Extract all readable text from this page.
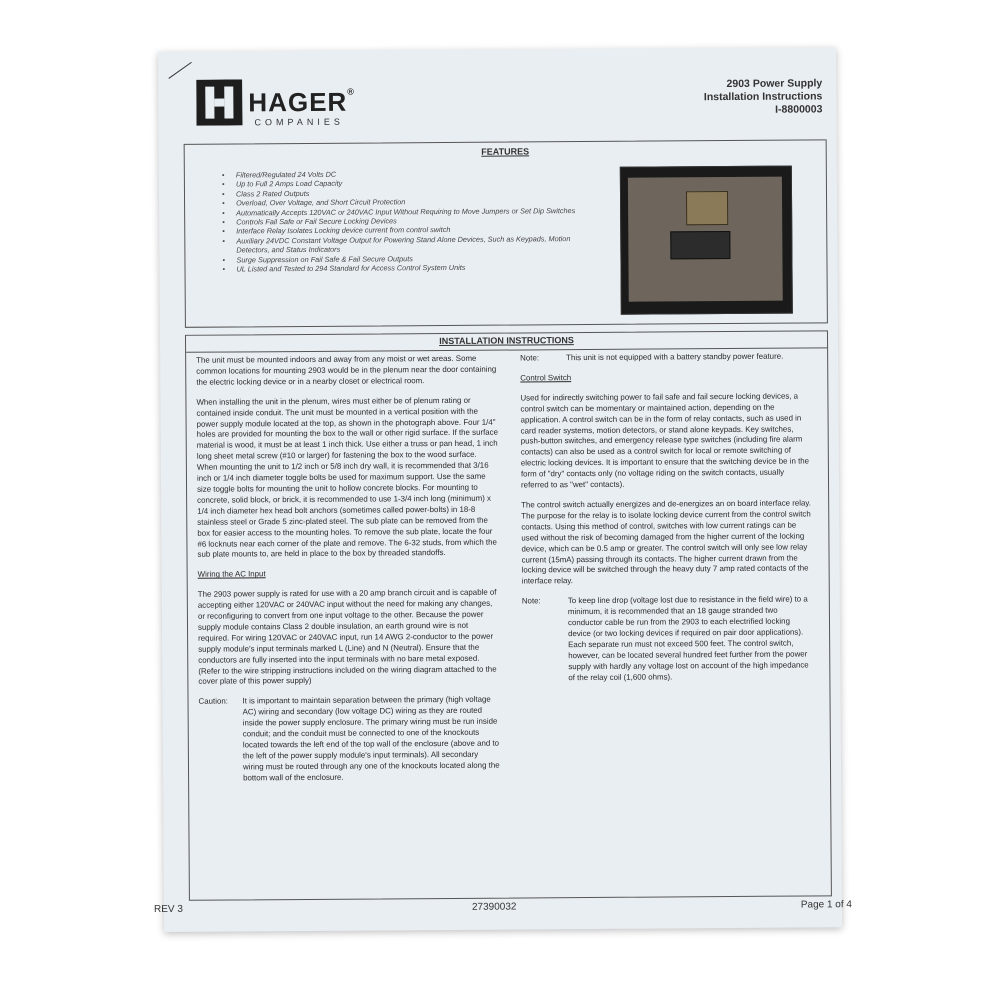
HAGER®
COMPANIES
2903 Power Supply
Installation Instructions
I-8800003
FEATURES
• Filtered/Regulated 24 Volts DC
• Up to Full 2 Amps Load Capacity
• Class 2 Rated Outputs
• Overload, Over Voltage, and Short Circuit Protection
• Automatically Accepts 120VAC or 240VAC Input Without Requiring to Move Jumpers or Set Dip Switches
• Controls Fail Safe or Fail Secure Locking Devices
• Interface Relay Isolates Locking device current from control switch
• Auxiliary 24VDC Constant Voltage Output for Powering Stand Alone Devices, Such as Keypads, Motion Detectors, and Status Indicators
• Surge Suppression on Fail Safe & Fail Secure Outputs
• UL Listed and Tested to 294 Standard for Access Control System Units
INSTALLATION INSTRUCTIONS

The unit must be mounted indoors and away from any moist or wet areas. Some common locations for mounting 2903 would be in the plenum near the door containing the electric locking device or in a nearby closet or electrical room.

When installing the unit in the plenum, wires must either be of plenum rating or contained inside conduit. The unit must be mounted in a vertical position with the power supply module located at the top, as shown in the photograph above. Four 1/4" holes are provided for mounting the box to the wall or other rigid surface. If the surface material is wood, it must be at least 1 inch thick. Use either a truss or pan head, 1 inch long sheet metal screw (#10 or larger) for fastening the box to the wood surface. When mounting the unit to 1/2 inch or 5/8 inch dry wall, it is recommended that 3/16 inch or 1/4 inch diameter toggle bolts be used for maximum support. Use the same size toggle bolts for mounting the unit to hollow concrete blocks. For mounting to concrete, solid block, or brick, it is recommended to use 1-3/4 inch long (minimum) x 1/4 inch diameter hex head bolt anchors (sometimes called power-bolts) in 18-8 stainless steel or Grade 5 zinc-plated steel. The sub plate can be removed from the box for easier access to the mounting holes. To remove the sub plate, locate the four #6 locknuts near each corner of the plate and remove. The 6-32 studs, from which the sub plate mounts to, are held in place to the box by threaded standoffs.

Wiring the AC Input

The 2903 power supply is rated for use with a 20 amp branch circuit and is capable of accepting either 120VAC or 240VAC input without the need for making any changes, or reconfiguring to convert from one input voltage to the other. Because the power supply module contains Class 2 double insulation, an earth ground wire is not required. For wiring 120VAC or 240VAC input, run 14 AWG 2-conductor to the power supply module's input terminals marked L (Line) and N (Neutral). Ensure that the conductors are fully inserted into the input terminals with no bare metal exposed. (Refer to the wire stripping instructions included on the wiring diagram attached to the cover plate of this power supply)

Caution:	It is important to maintain separation between the primary (high voltage AC) wiring and secondary (low voltage DC) wiring as they are routed inside the power supply enclosure. The primary wiring must be run inside conduit; and the conduit must be connected to one of the knockouts located towards the left end of the top wall of the enclosure (above and to the left of the power supply module's input terminals). All secondary wiring must be routed through any one of the knockouts located along the bottom wall of the enclosure.

Note:	This unit is not equipped with a battery standby power feature.

Control Switch

Used for indirectly switching power to fail safe and fail secure locking devices, a control switch can be momentary or maintained action, depending on the application. A control switch can be in the form of relay contacts, such as used in card reader systems, motion detectors, or stand alone keypads. Key switches, push-button switches, and emergency release type switches (including fire alarm contacts) can also be used as a control switch for local or remote switching of electric locking devices. It is important to ensure that the switching device be in the form of "dry" contacts only (no voltage riding on the switch contacts, usually referred to as "wet" contacts).

The control switch actually energizes and de-energizes an on board interface relay. The purpose for the relay is to isolate locking device current from the control switch contacts. Using this method of control, switches with low current ratings can be used without the risk of becoming damaged from the higher current of the locking device, which can be 0.5 amp or greater. The control switch will only see low relay current (15mA) passing through its contacts. The higher current drawn from the locking device will be switched through the heavy duty 7 amp rated contacts of the interface relay.

Note:	To keep line drop (voltage lost due to resistance in the field wire) to a minimum, it is recommended that an 18 gauge stranded two conductor cable be run from the 2903 to each electrified locking device (or two locking devices if required on pair door applications). Each separate run must not exceed 500 feet. The control switch, however, can be located several hundred feet further from the power supply with hardly any voltage lost on account of the high impedance of the relay coil (1,600 ohms).
REV 3	27390032	Page 1 of 4
